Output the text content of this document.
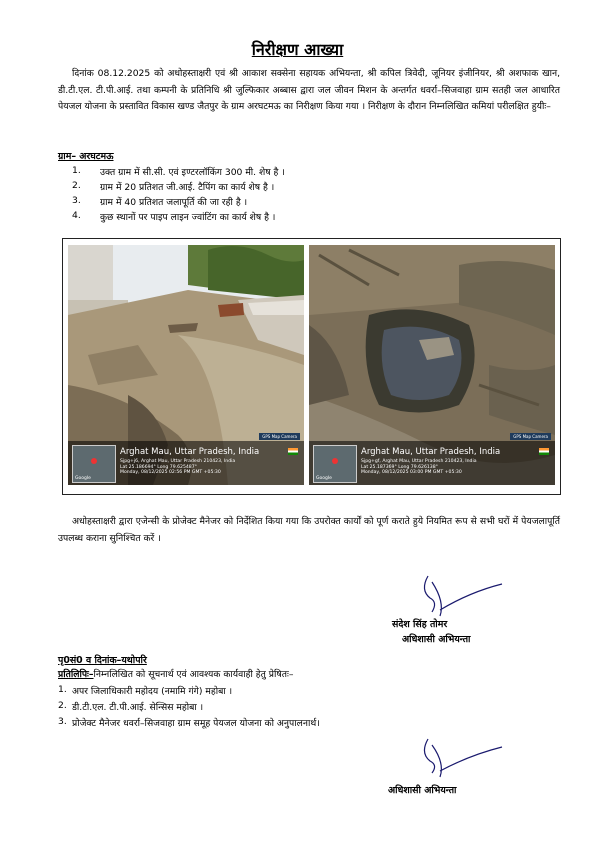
निरीक्षण आख्या
दिनांक 08.12.2025 को अधोहस्ताक्षरी एवं श्री आकाश सक्सेना सहायक अभियन्ता, श्री कपिल त्रिवेदी, जूनियर इंजीनियर, श्री अशफाक खान, डी.टी.एल. टी.पी.आई. तथा कम्पनी के प्रतिनिधि श्री जुल्फिकार अब्बास द्वारा जल जीवन मिशन के अन्तर्गत धवर्रा–सिजवाहा ग्राम सतही जल आधारित पेयजल योजना के प्रस्तावित विकास खण्ड जैतपुर के ग्राम अरघटमऊ का निरीक्षण किया गया । निरीक्षण के दौरान निम्नलिखित कमियां परीलक्षित हुयीः–
ग्राम– अरघटमऊ
1. उक्त ग्राम में सी.सी. एवं इण्टरलॉकिंग 300 मी. शेष है ।
2. ग्राम में 20 प्रतिशत जी.आई. टैपिंग का कार्य शेष है ।
3. ग्राम में 40 प्रतिशत जलापूर्ति की जा रही है ।
4. कुछ स्थानों पर पाइप लाइन ज्वांटिंग का कार्य शेष है ।
Google
GPS Map Camera
Arghat Mau, Uttar Pradesh, India
Sjpg+j6, Arghat Mau, Uttar Pradesh 210423, India
Lat 25.186694° Long 79.625487°
Monday, 08/12/2025 02:56 PM GMT +05:30
Google
GPS Map Camera
Arghat Mau, Uttar Pradesh, India
Sjpg+gf, Arghat Mau, Uttar Pradesh 210423, India
Lat 25.187369° Long 79.626138°
Monday, 08/12/2025 03:00 PM GMT +05:30
अधोहस्ताक्षरी द्वारा एजेन्सी के प्रोजेक्ट मैनेजर को निर्देशित किया गया कि उपरोक्त कार्यों को पूर्ण कराते हुये नियमित रूप से सभी घरों में पेयजलापूर्ति उपलब्ध कराना सुनिश्चित करें ।
संदेश सिंह तोमर
अधिशासी अभियन्ता
पृ0सं0 व दिनांक–यथोपरि
प्रतिलिपिः–निम्नलिखित को सूचनार्थ एवं आवश्यक कार्यवाही हेतु प्रेषितः–
1. अपर जिलाधिकारी महोदय (नमामि गंगे) महोबा ।
2. डी.टी.एल. टी.पी.आई. सेन्सिस महोबा ।
3. प्रोजेक्ट मैनेजर धवर्रा–सिजवाहा ग्राम समूह पेयजल योजना को अनुपालनार्थ।
अधिशासी अभियन्ता
